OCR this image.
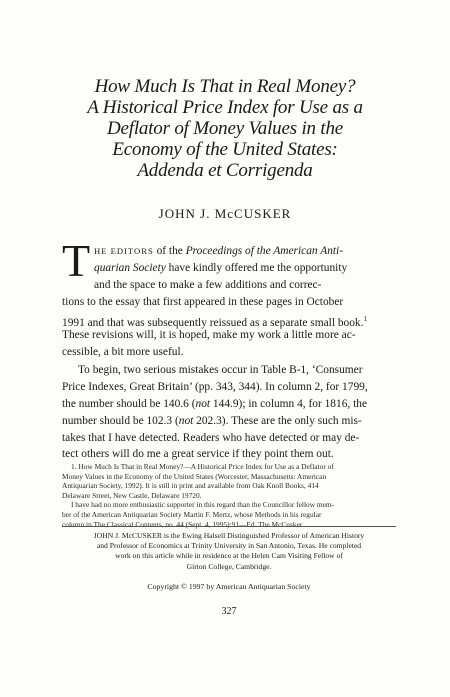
How Much Is That in Real Money?
A Historical Price Index for Use as a
Deflator of Money Values in the
Economy of the United States:
Addenda et Corrigenda
JOHN J. McCUSKER
T HE EDITORS of the Proceedings of the American Anti-
quarian Society have kindly offered me the opportunity
and the space to make a few additions and correc-
tions to the essay that first appeared in these pages in October
1991 and that was subsequently reissued as a separate small book.$^1$
These revisions will, it is hoped, make my work a little more ac-
cessible, a bit more useful.
To begin, two serious mistakes occur in Table B-1, ‘Consumer
Price Indexes, Great Britain’ (pp. 343, 344). In column 2, for 1799,
the number should be 140.6 (not 144.9); in column 4, for 1816, the
number should be 102.3 (not 202.3). These are the only such mis-
takes that I have detected. Readers who have detected or may de-
tect others will do me a great service if they point them out.
1. How Much Is That in Real Money?—A Historical Price Index for Use as a Deflator of
Money Values in the Economy of the United States (Worcester, Massachusetts: American
Antiquarian Society, 1992). It is still in print and available from Oak Knoll Books, 414
Delaware Street, New Castle, Delaware 19720.
I have had no more enthusiastic supporter in this regard than the Councillor fellow mem-
ber of the American Antiquarian Society Martin F. Mertz, whose Methods in his regular
column in The Classical Contents, no. 44 (Sept. 4, 1995):91—Ed. The McCusker
JOHN J. McCUSKER is the Ewing Halsell Distinguished Professor of American History
and Professor of Economics at Trinity University in San Antonio, Texas. He completed
work on this article while in residence at the Helen Cam Visiting Fellow of
Girton College, Cambridge.
Copyright © 1997 by American Antiquarian Society
327
